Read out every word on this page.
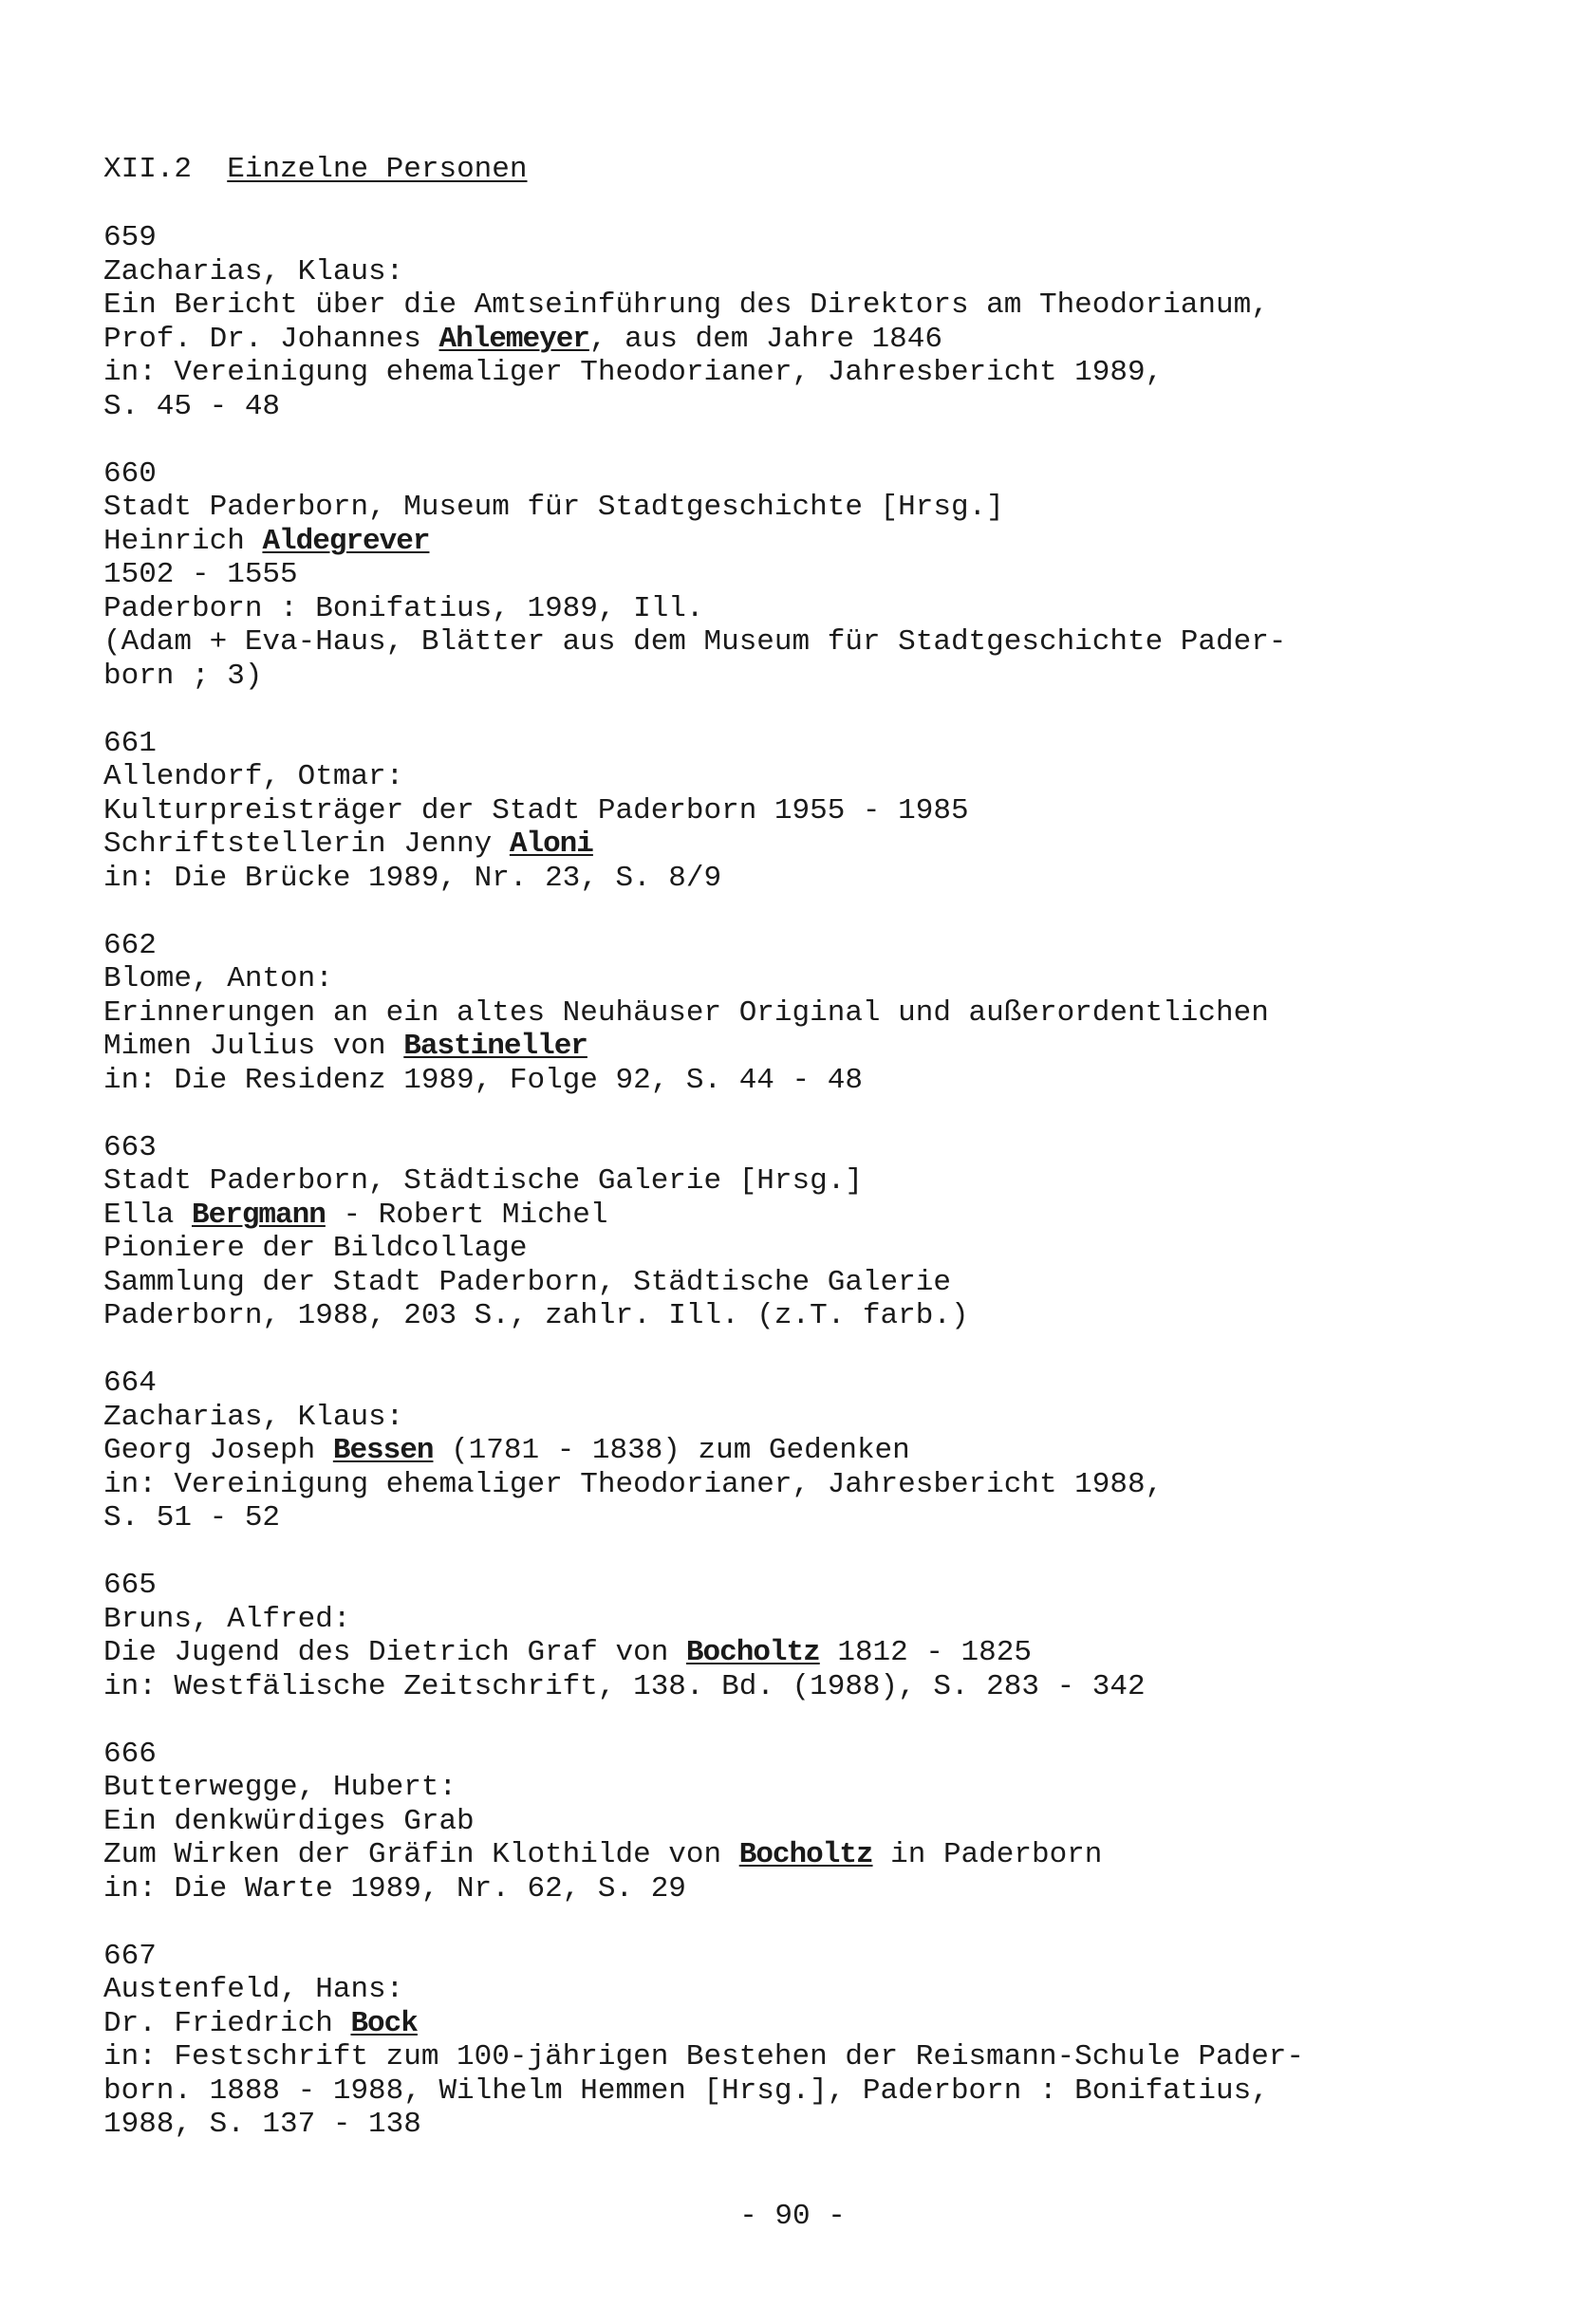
XII.2 Einzelne Personen
659
Zacharias, Klaus:
Ein Bericht über die Amtseinführung des Direktors am Theodorianum,
Prof. Dr. Johannes Ahlemeyer, aus dem Jahre 1846
in: Vereinigung ehemaliger Theodorianer, Jahresbericht 1989,
S. 45 - 48
660
Stadt Paderborn, Museum für Stadtgeschichte [Hrsg.]
Heinrich Aldegrever
1502 - 1555
Paderborn : Bonifatius, 1989, Ill.
(Adam + Eva-Haus, Blätter aus dem Museum für Stadtgeschichte Pader-
born ; 3)
661
Allendorf, Otmar:
Kulturpreisträger der Stadt Paderborn 1955 - 1985
Schriftstellerin Jenny Aloni
in: Die Brücke 1989, Nr. 23, S. 8/9
662
Blome, Anton:
Erinnerungen an ein altes Neuhäuser Original und außerordentlichen
Mimen Julius von Bastineller
in: Die Residenz 1989, Folge 92, S. 44 - 48
663
Stadt Paderborn, Städtische Galerie [Hrsg.]
Ella Bergmann - Robert Michel
Pioniere der Bildcollage
Sammlung der Stadt Paderborn, Städtische Galerie
Paderborn, 1988, 203 S., zahlr. Ill. (z.T. farb.)
664
Zacharias, Klaus:
Georg Joseph Bessen (1781 - 1838) zum Gedenken
in: Vereinigung ehemaliger Theodorianer, Jahresbericht 1988,
S. 51 - 52
665
Bruns, Alfred:
Die Jugend des Dietrich Graf von Bocholtz 1812 - 1825
in: Westfälische Zeitschrift, 138. Bd. (1988), S. 283 - 342
666
Butterwegge, Hubert:
Ein denkwürdiges Grab
Zum Wirken der Gräfin Klothilde von Bocholtz in Paderborn
in: Die Warte 1989, Nr. 62, S. 29
667
Austenfeld, Hans:
Dr. Friedrich Bock
in: Festschrift zum 100-jährigen Bestehen der Reismann-Schule Pader-
born. 1888 - 1988, Wilhelm Hemmen [Hrsg.], Paderborn : Bonifatius,
1988, S. 137 - 138
- 90 -
